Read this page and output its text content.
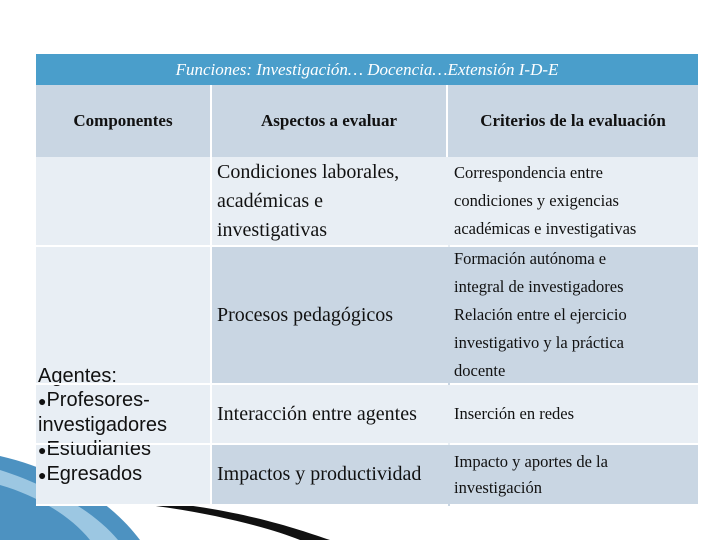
Funciones: Investigación… Docencia…Extensión I-D-E
Componentes	Aspectos a evaluar	Criterios de la evaluación
Agentes:
●Profesores-
investigadores
●Estudiantes
●Egresados
Condiciones laborales,
académicas e
investigativas
Procesos pedagógicos
Interacción entre agentes
Impactos y productividad
Correspondencia entre
condiciones y exigencias
académicas e investigativas
Formación autónoma e
integral de investigadores
Relación entre el ejercicio
investigativo y la práctica
docente
Inserción en redes
Impacto y aportes de la
investigación
